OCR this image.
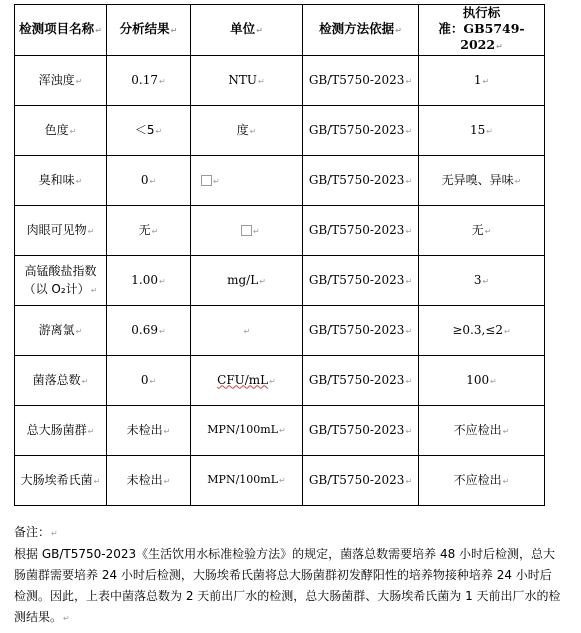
检测项目名称↵	分析结果↵	单位↵	检测方法依据↵	执行标
准：GB5749-2022↵
浑浊度↵	0.17↵	NTU↵	GB/T5750-2023↵	1↵
色度↵	＜5↵	度↵	GB/T5750-2023↵	15↵
臭和味↵	0↵	↵	GB/T5750-2023↵	无异嗅、异味↵
肉眼可见物↵	无↵	↵	GB/T5750-2023↵	无↵
高锰酸盐指数
（以 O₂计）↵	1.00↵	mg/L↵	GB/T5750-2023↵	3↵
游离氯↵	0.69↵	↵	GB/T5750-2023↵	≥0.3,≤2↵
菌落总数↵	0↵	CFU/mL↵	GB/T5750-2023↵	100↵
总大肠菌群↵	未检出↵	MPN/100mL↵	GB/T5750-2023↵	不应检出↵
大肠埃希氏菌↵	未检出↵	MPN/100mL↵	GB/T5750-2023↵	不应检出↵

备注：↵

根据 GB/T5750-2023《生活饮用水标准检验方法》的规定，菌落总数需要培养 48 小时后检测，总大肠菌群需要培养 24 小时后检测，大肠埃希氏菌将总大肠菌群初发酵阳性的培养物接种培养 24 小时后检测。因此，上表中菌落总数为 2 天前出厂水的检测，总大肠菌群、大肠埃希氏菌为 1 天前出厂水的检测结果。↵
